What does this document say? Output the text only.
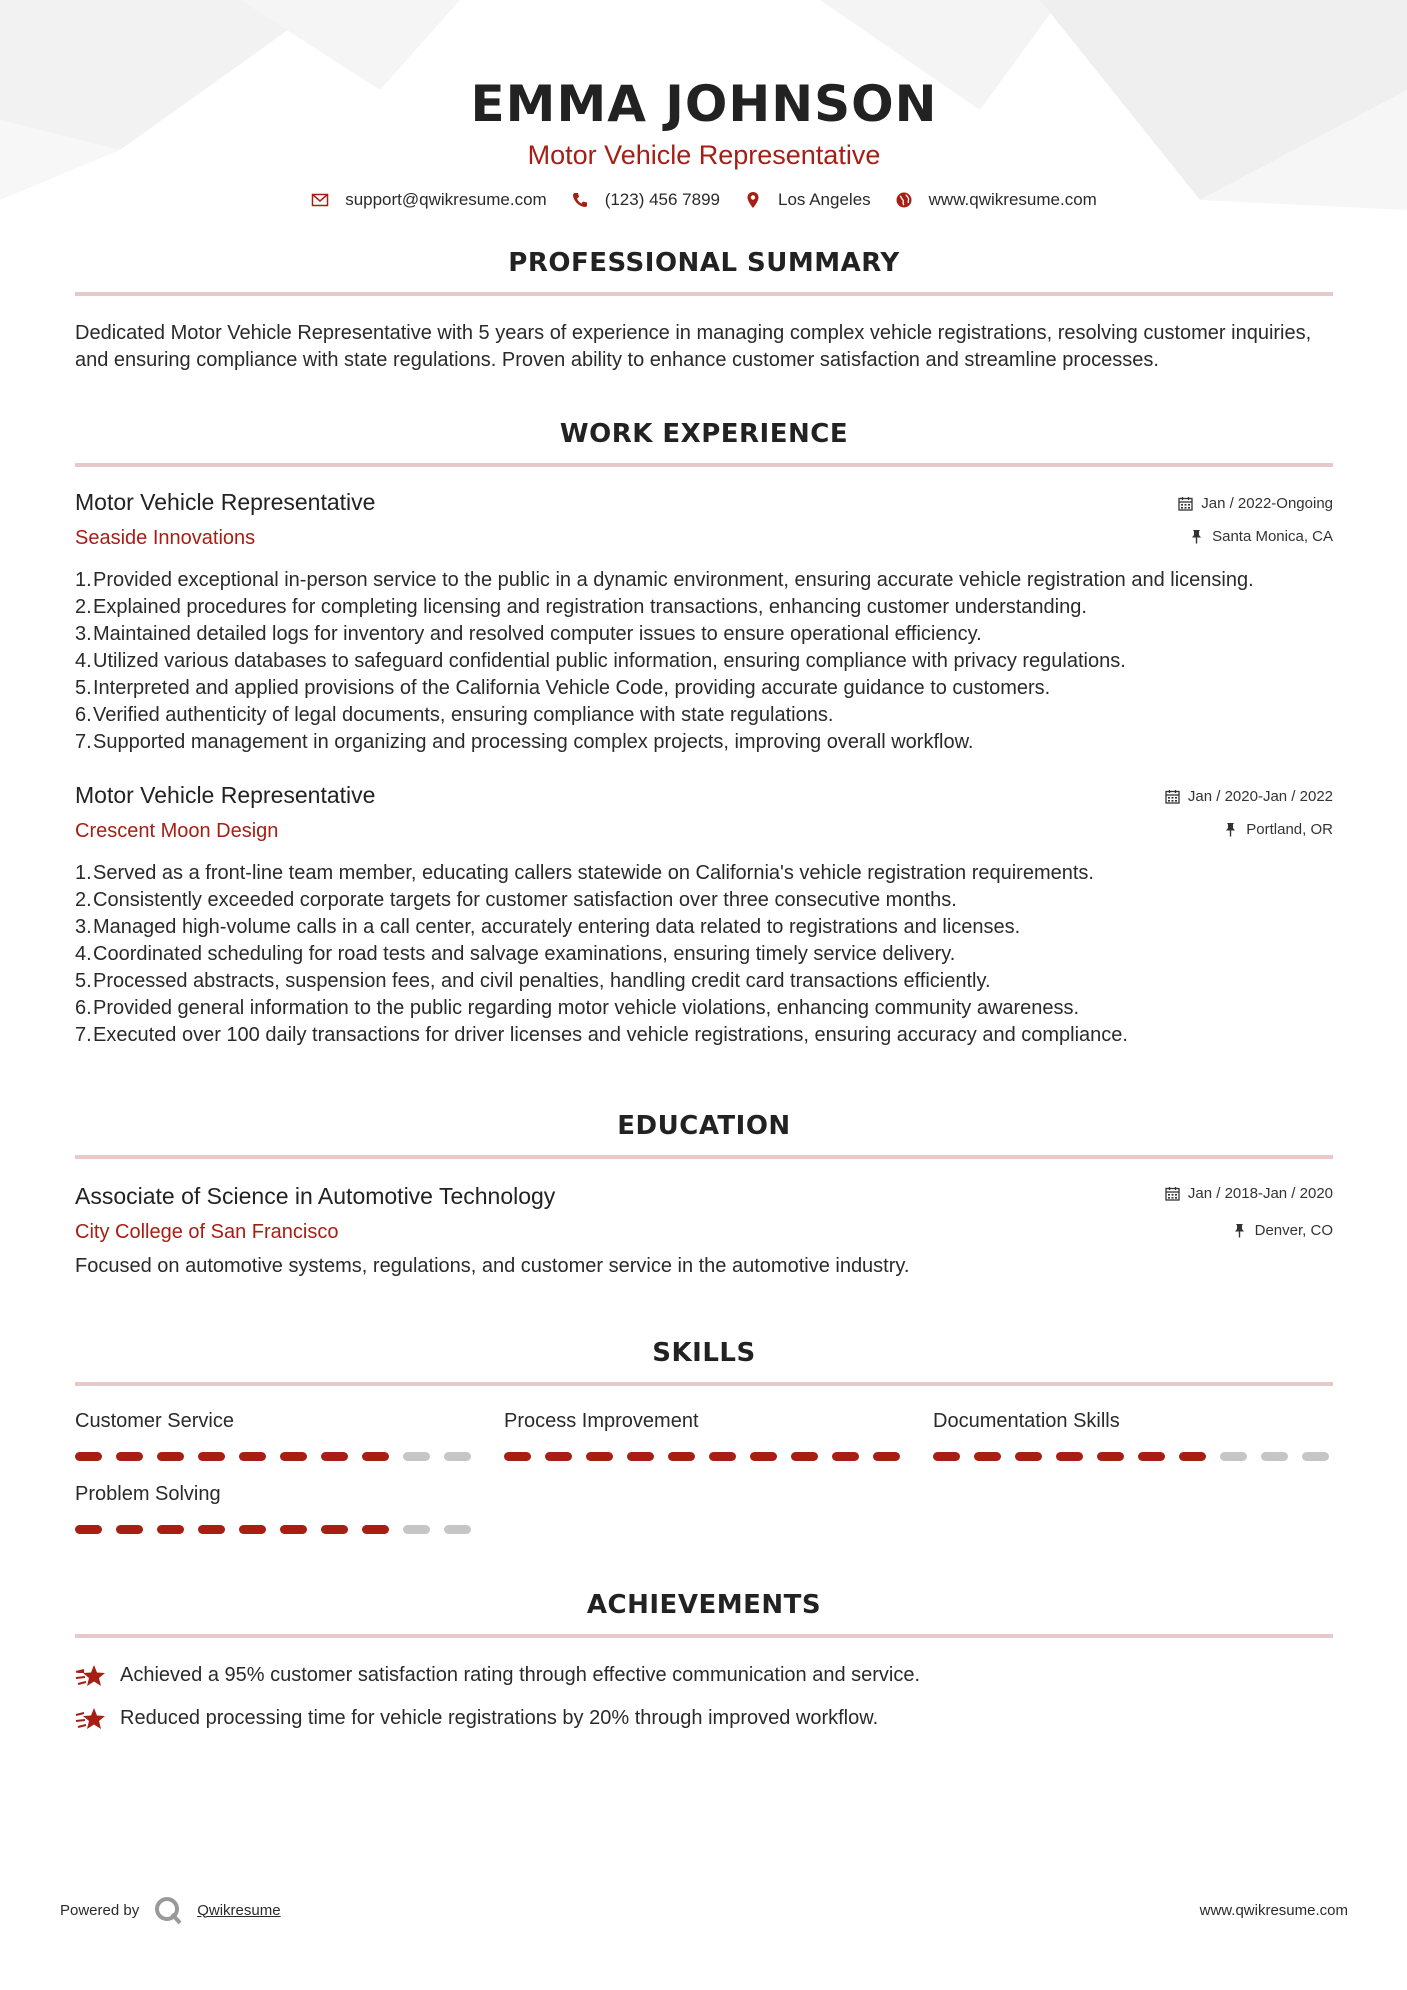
EMMA JOHNSON
Motor Vehicle Representative
support@qwikresume.com	(123) 456 7899	Los Angeles	www.qwikresume.com
PROFESSIONAL SUMMARY
Dedicated Motor Vehicle Representative with 5 years of experience in managing complex vehicle registrations, resolving customer inquiries, and ensuring compliance with state regulations. Proven ability to enhance customer satisfaction and streamline processes.
WORK EXPERIENCE
Motor Vehicle Representative
Seaside Innovations
Jan / 2022-Ongoing
Santa Monica, CA
1. Provided exceptional in-person service to the public in a dynamic environment, ensuring accurate vehicle registration and licensing.
2. Explained procedures for completing licensing and registration transactions, enhancing customer understanding.
3. Maintained detailed logs for inventory and resolved computer issues to ensure operational efficiency.
4. Utilized various databases to safeguard confidential public information, ensuring compliance with privacy regulations.
5. Interpreted and applied provisions of the California Vehicle Code, providing accurate guidance to customers.
6. Verified authenticity of legal documents, ensuring compliance with state regulations.
7. Supported management in organizing and processing complex projects, improving overall workflow.
Motor Vehicle Representative
Crescent Moon Design
Jan / 2020-Jan / 2022
Portland, OR
1. Served as a front-line team member, educating callers statewide on California's vehicle registration requirements.
2. Consistently exceeded corporate targets for customer satisfaction over three consecutive months.
3. Managed high-volume calls in a call center, accurately entering data related to registrations and licenses.
4. Coordinated scheduling for road tests and salvage examinations, ensuring timely service delivery.
5. Processed abstracts, suspension fees, and civil penalties, handling credit card transactions efficiently.
6. Provided general information to the public regarding motor vehicle violations, enhancing community awareness.
7. Executed over 100 daily transactions for driver licenses and vehicle registrations, ensuring accuracy and compliance.
EDUCATION
Associate of Science in Automotive Technology
City College of San Francisco
Jan / 2018-Jan / 2020
Denver, CO
Focused on automotive systems, regulations, and customer service in the automotive industry.
SKILLS
Customer Service	Process Improvement	Documentation Skills
Problem Solving
ACHIEVEMENTS
Achieved a 95% customer satisfaction rating through effective communication and service.
Reduced processing time for vehicle registrations by 20% through improved workflow.
Powered by	Qwikresume	www.qwikresume.com
